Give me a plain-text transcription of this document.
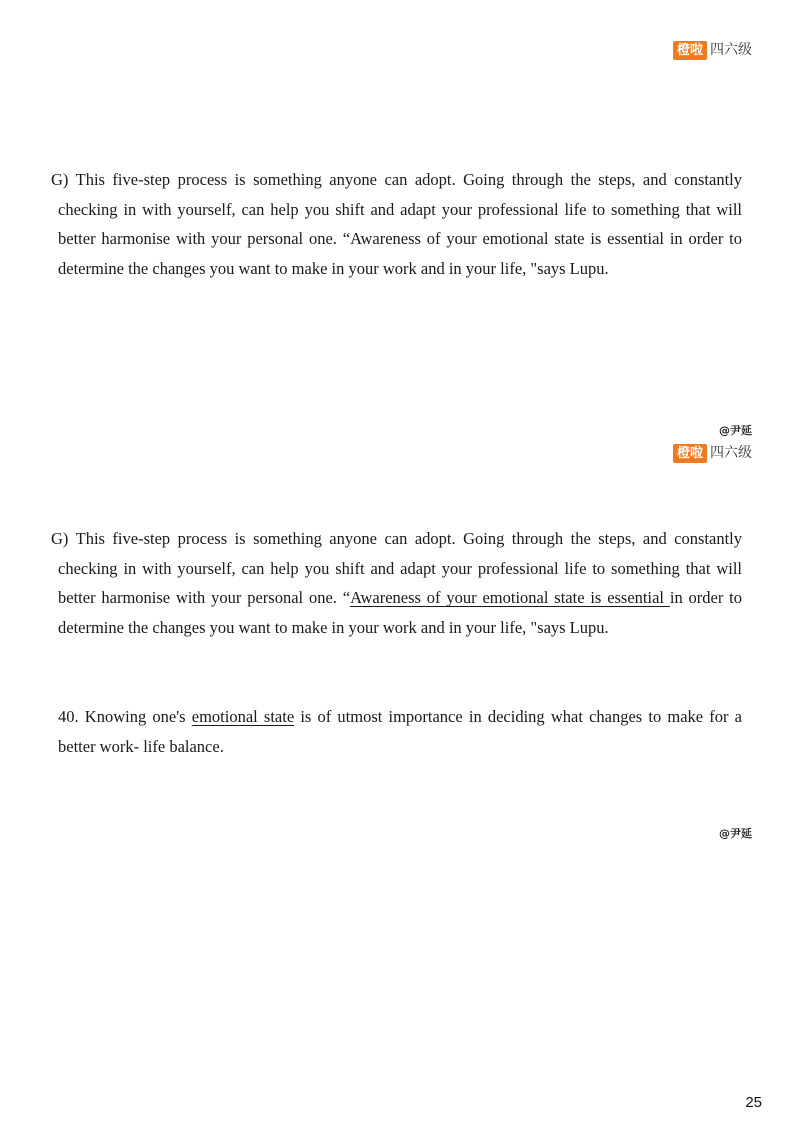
橙啦 四六级

G) This five-step process is something anyone can adopt. Going through the steps, and constantly checking in with yourself, can help you shift and adapt your professional life to something that will better harmonise with your personal one. “Awareness of your emotional state is essential in order to determine the changes you want to make in your work and in your life, "says Lupu.

@尹延
橙啦 四六级

G) This five-step process is something anyone can adopt. Going through the steps, and constantly checking in with yourself, can help you shift and adapt your professional life to something that will better harmonise with your personal one. “Awareness of your emotional state is essential in order to determine the changes you want to make in your work and in your life, "says Lupu.

40. Knowing one's emotional state is of utmost importance in deciding what changes to make for a better work- life balance.

@尹延
25
